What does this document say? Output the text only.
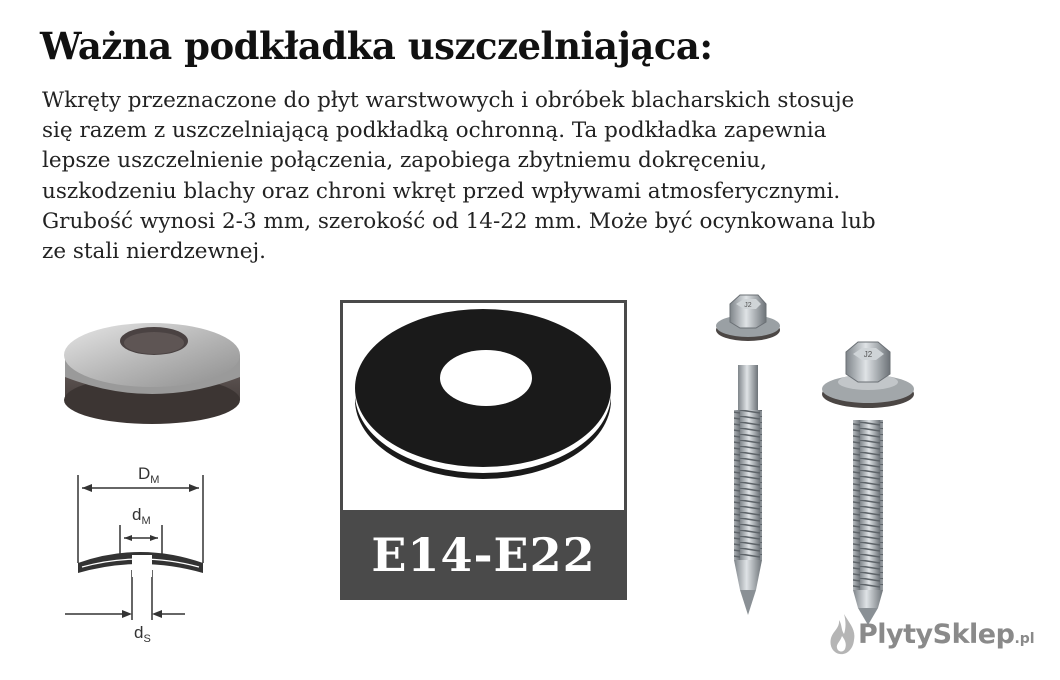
Ważna podkładka uszczelniająca:

Wkręty przeznaczone do płyt warstwowych i obróbek blacharskich stosuje
się razem z uszczelniającą podkładką ochronną. Ta podkładka zapewnia
lepsze uszczelnienie połączenia, zapobiega zbytniemu dokręceniu,
uszkodzeniu blachy oraz chroni wkręt przed wpływami atmosferycznymi.
Grubość wynosi 2-3 mm, szerokość od 14-22 mm. Może być ocynkowana lub
ze stali nierdzewnej.

$D_M$
$d_M$
$d_S$
E14-E22
J2
J2
PlytySklep .pl
